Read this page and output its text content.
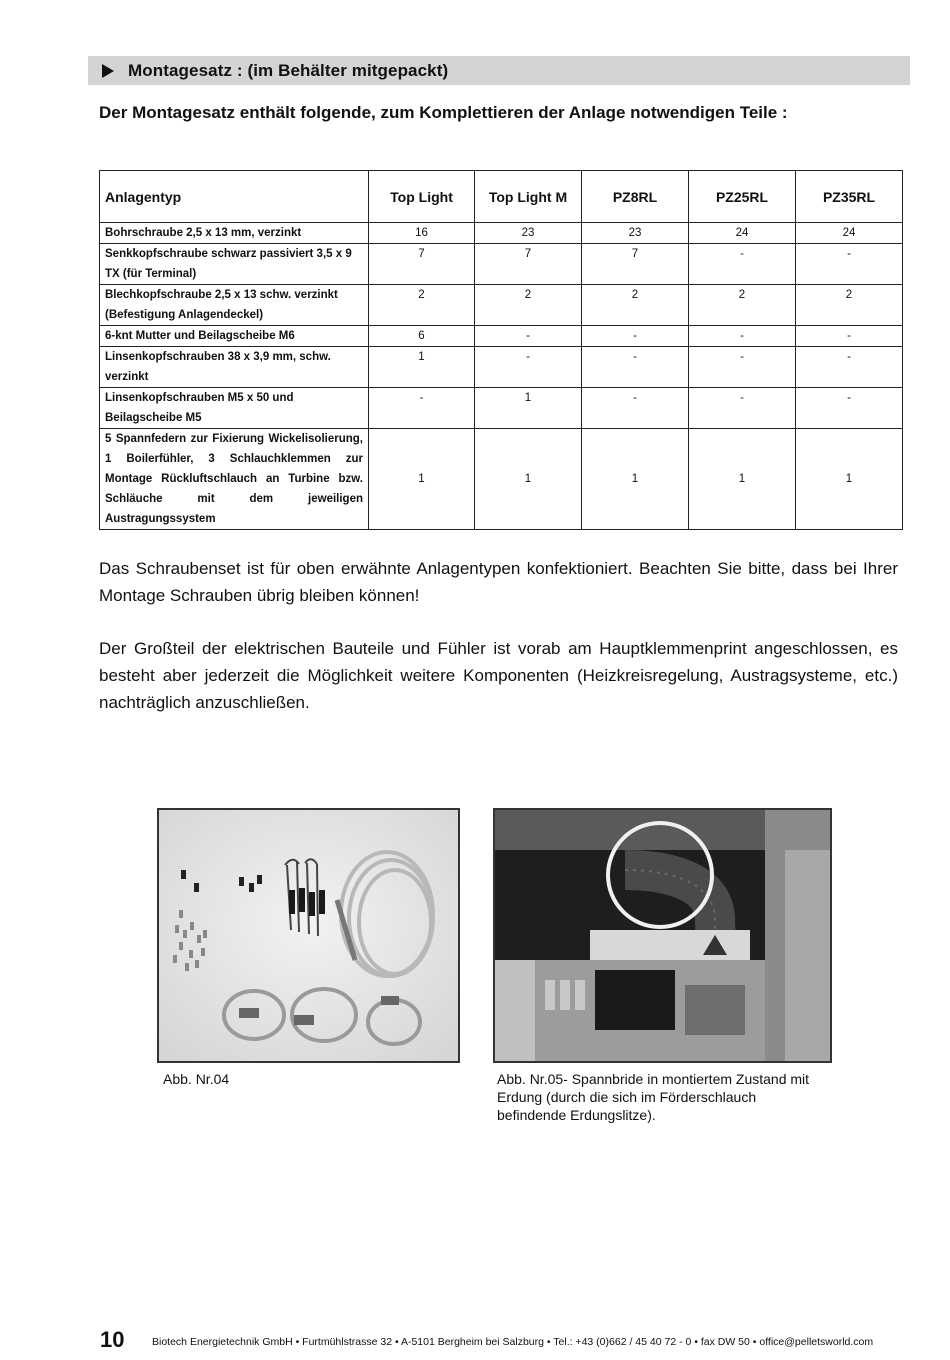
Montagesatz : (im Behälter mitgepackt)
Der Montagesatz enthält folgende, zum Komplettieren der Anlage notwendigen Teile :
Anlagentyp	Top Light	Top Light M	PZ8RL	PZ25RL	PZ35RL
Bohrschraube 2,5 x 13 mm, verzinkt	16	23	23	24	24
Senkkopfschraube schwarz passiviert 3,5 x 9 TX (für Terminal)	7	7	7	-	-
Blechkopfschraube 2,5 x 13 schw. verzinkt (Befestigung Anlagendeckel)	2	2	2	2	2
6-knt Mutter und Beilagscheibe M6	6	-	-	-	-
Linsenkopfschrauben 38 x 3,9 mm, schw. verzinkt	1	-	-	-	-
Linsenkopfschrauben M5 x 50 und Beilagscheibe M5	-	1	-	-	-
5 Spannfedern zur Fixierung Wickelisolierung, 1 Boilerfühler, 3 Schlauchklemmen zur Montage Rückluftschlauch an Turbine bzw. Schläuche mit dem jeweiligen Austragungssystem	1	1	1	1	1

Das Schraubenset ist für oben erwähnte Anlagentypen konfektioniert. Beachten Sie bitte, dass bei Ihrer Montage Schrauben übrig bleiben können!

Der Großteil der elektrischen Bauteile und Fühler ist vorab am Hauptklemmenprint angeschlossen, es besteht aber jederzeit die Möglichkeit weitere Komponenten (Heizkreisregelung, Austragsysteme, etc.) nachträglich anzuschließen.

Abb. Nr.04	Abb. Nr.05- Spannbride in montiertem Zustand mit Erdung (durch die sich im Förderschlauch befindende Erdungslitze).
10	Biotech Energietechnik GmbH • Furtmühlstrasse 32 • A-5101 Bergheim bei Salzburg • Tel.: +43 (0)662 / 45 40 72 - 0 • fax DW 50 • office@pelletsworld.com
